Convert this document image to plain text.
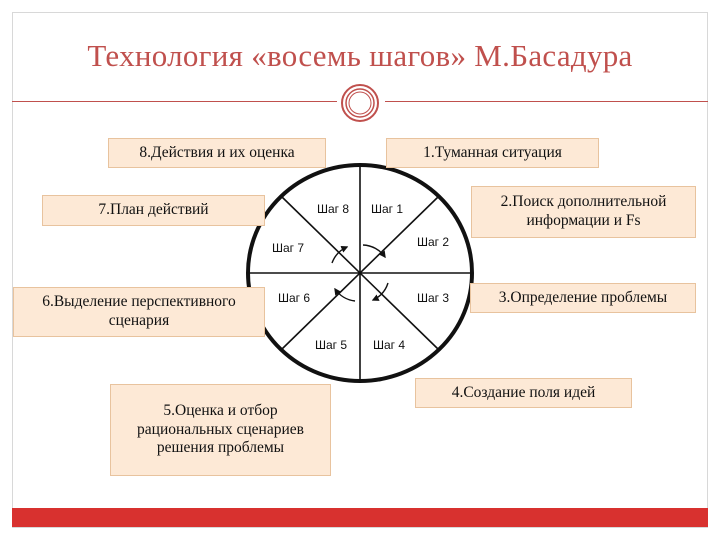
Технология «восемь шагов» М.Басадура
Шаг 1
Шаг 2
Шаг 3
Шаг 4
Шаг 5
Шаг 6
Шаг 7
Шаг 8
8.Действия и их оценка	1.Туманная ситуация
7.План действий	2.Поиск дополнительной информации и Fs
6.Выделение перспективного сценария
3.Определение проблемы
5.Оценка и отбор рациональных сценариев решения проблемы
4.Создание поля идей
